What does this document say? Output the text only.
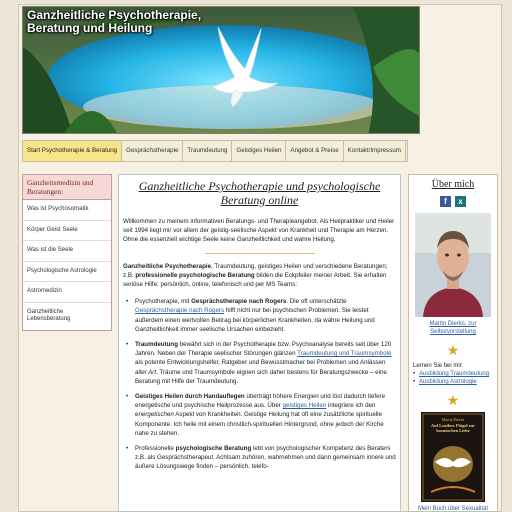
Ganzheitliche Psychotherapie,
Beratung und Heilung
Start Psychotherapie & Beratung	Gesprächstherapie	Traumdeutung	Geistiges Heilen	Angebot & Preise	Kontakt/Impressum
Ganzheitsmedizin und Beratungen:
Was ist Psychosomatik
Körper Geist Seele
Was ist die Seele
Psychologische Astrologie
Astromedizin
Ganzheitliche Lebensberatung
Ganzheitliche Psychotherapie und psychologische Beratung online

Willkommen zu meinem informativen Beratungs- und Therapieangebot. Als Heilpraktiker und Heiler seit 1994 liegt mir vor allem der geistig-seelische Aspekt von Krankheit und Therapie am Herzen. Ohne die essenziell wichtige Seele keine Ganzheitlichkeit und wahre Heilung.

Ganzheitliche Psychotherapie, Traumdeutung, geistiges Heilen und verschiedene Beratungen; z.B. professionelle psychologische Beratung bilden die Eckpfeiler meiner Arbeit. Sie erhalten seriöse Hilfe; persönlich, online, telefonisch und per MS Teams:

• Psychotherapie, mit Gesprächstherapie nach Rogers. Die oft unterschätzte Gesprächstherapie nach Rogers hilft nicht nur bei psychischen Problemen. Sie leistet außerdem einen wertvollen Beitrag bei körperlichen Krankheiten, da wahre Heilung und Ganzheitlichkeit immer seelische Ursachen einbezieht.
• Traumdeutung bewährt sich in der Psychotherapie bzw. Psychoanalyse bereits seit über 120 Jahren. Neben der Therapie seelischer Störungen glänzen Traumdeutung und Traumsymbole als potente Entwicklungshelfer, Ratgeber und Bewusstmacher bei Problemen und Anlässen aller Art. Träume und Traumsymbole eignen sich daher bestens für Beratungszwecke – eine Beratung mit Hilfe der Traumdeutung.
• Geistiges Heilen durch Handauflegen überträgt höhere Energien und löst dadurch tiefere energetische und psychische Heilprozesse aus. Über geistiges Heilen integriere ich den energetischen Aspekt von Krankheiten. Geistige Heilung hat oft eine zusätzliche spirituelle Komponente. Ich heile mit einem christlich-spirituellen Hintergrund, ohne jedoch der Kirche nahe zu stehen.
• Professionelle psychologische Beratung lebt von psychologischer Kompetenz des Beraters z.B. als Gesprächstherapeut. Achtsam zuhören, wahrnehmen und dann gemeinsam innere und äußere Lösungswege finden – persönlich, telefo-
Über mich
f	x
Martin Dierks, zur
Selbstvorstellung
★
Lernen Sie bei mir:
• Ausbildung Traumdeutung
• Ausbildung Astrologie
★
Martin Dierks
Auf Luzifers Flügel zur kosmischen Liebe
Mein Buch über Sexualität
